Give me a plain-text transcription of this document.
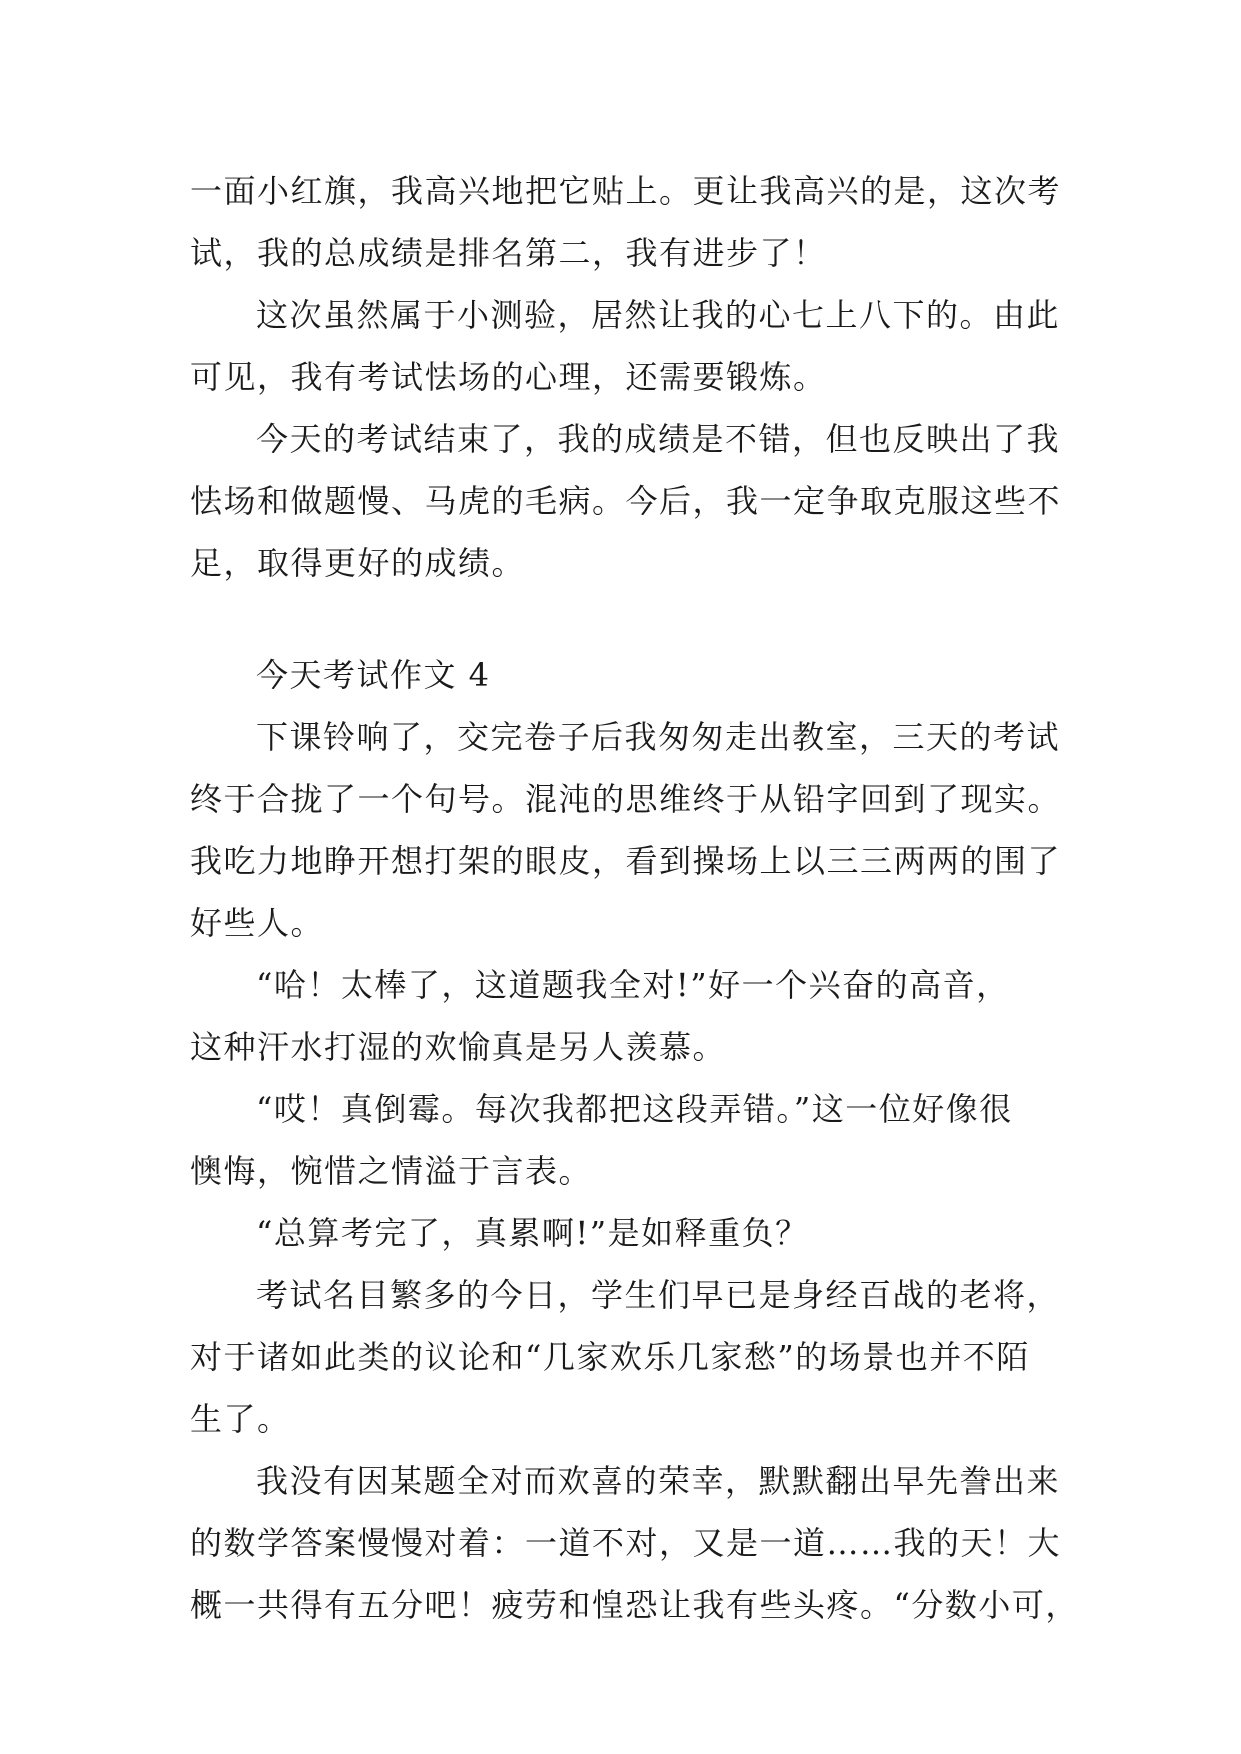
一面小红旗，我高兴地把它贴上。更让我高兴的是，这次考
试，我的总成绩是排名第二，我有进步了！
这次虽然属于小测验，居然让我的心七上八下的。由此
可见，我有考试怯场的心理，还需要锻炼。
今天的考试结束了，我的成绩是不错，但也反映出了我
怯场和做题慢、马虎的毛病。今后，我一定争取克服这些不
足，取得更好的成绩。
今天考试作文 4
下课铃响了，交完卷子后我匆匆走出教室，三天的考试
终于合拢了一个句号。混沌的思维终于从铅字回到了现实。
我吃力地睁开想打架的眼皮，看到操场上以三三两两的围了
好些人。
“哈！太棒了，这道题我全对!”好一个兴奋的高音，
这种汗水打湿的欢愉真是另人羡慕。
“哎！真倒霉。每次我都把这段弄错。”这一位好像很
懊悔，惋惜之情溢于言表。
“总算考完了，真累啊!”是如释重负？
考试名目繁多的今日，学生们早已是身经百战的老将，
对于诸如此类的议论和“几家欢乐几家愁”的场景也并不陌
生了。
我没有因某题全对而欢喜的荣幸，默默翻出早先誊出来
的数学答案慢慢对着：一道不对，又是一道……我的天！大
概一共得有五分吧！疲劳和惶恐让我有些头疼。“分数小可，
